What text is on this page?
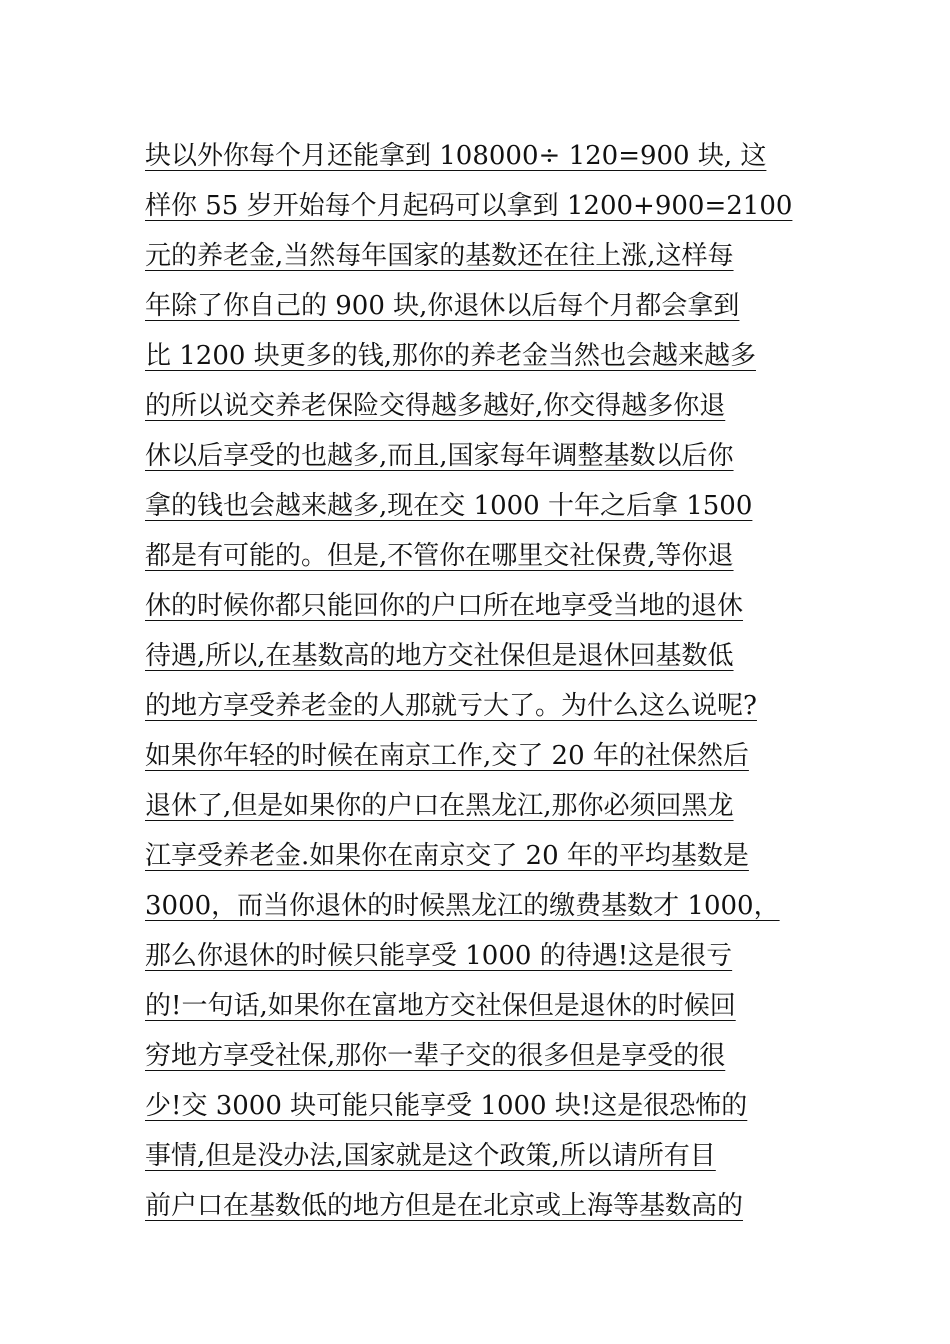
块以外你每个月还能拿到 108000÷ 120=900 块, 这
样你 55 岁开始每个月起码可以拿到 1200+900=2100
元的养老金,当然每年国家的基数还在往上涨,这样每
年除了你自己的 900 块,你退休以后每个月都会拿到
比 1200 块更多的钱,那你的养老金当然也会越来越多
的所以说交养老保险交得越多越好,你交得越多你退
休以后享受的也越多,而且,国家每年调整基数以后你
拿的钱也会越来越多,现在交 1000 十年之后拿 1500
都是有可能的。但是,不管你在哪里交社保费,等你退
休的时候你都只能回你的户口所在地享受当地的退休
待遇,所以,在基数高的地方交社保但是退休回基数低
的地方享受养老金的人那就亏大了。为什么这么说呢?
如果你年轻的时候在南京工作,交了 20 年的社保然后
退休了,但是如果你的户口在黑龙江,那你必须回黑龙
江享受养老金.如果你在南京交了 20 年的平均基数是
3000，而当你退休的时候黑龙江的缴费基数才 1000，
那么你退休的时候只能享受 1000 的待遇!这是很亏
的!一句话,如果你在富地方交社保但是退休的时候回
穷地方享受社保,那你一辈子交的很多但是享受的很
少!交 3000 块可能只能享受 1000 块!这是很恐怖的
事情,但是没办法,国家就是这个政策,所以请所有目
前户口在基数低的地方但是在北京或上海等基数高的
